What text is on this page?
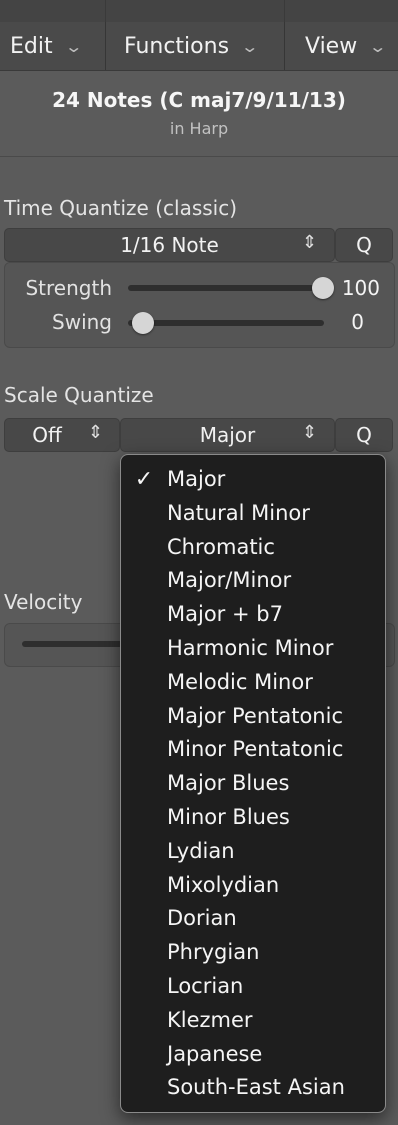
Edit ⌄ Functions ⌄ View ⌄
24 Notes (C maj7/9/11/13)
in Harp
Time Quantize (classic)
1/16 Note	⇕ Q
Strength	100
Swing	0
Scale Quantize
Off ⇕	Major	⇕ Q
Velocity
✓ Major
Natural Minor
Chromatic
Major/Minor
Major + b7
Harmonic Minor
Melodic Minor
Major Pentatonic
Minor Pentatonic
Major Blues
Minor Blues
Lydian
Mixolydian
Dorian
Phrygian
Locrian
Klezmer
Japanese
South-East Asian
